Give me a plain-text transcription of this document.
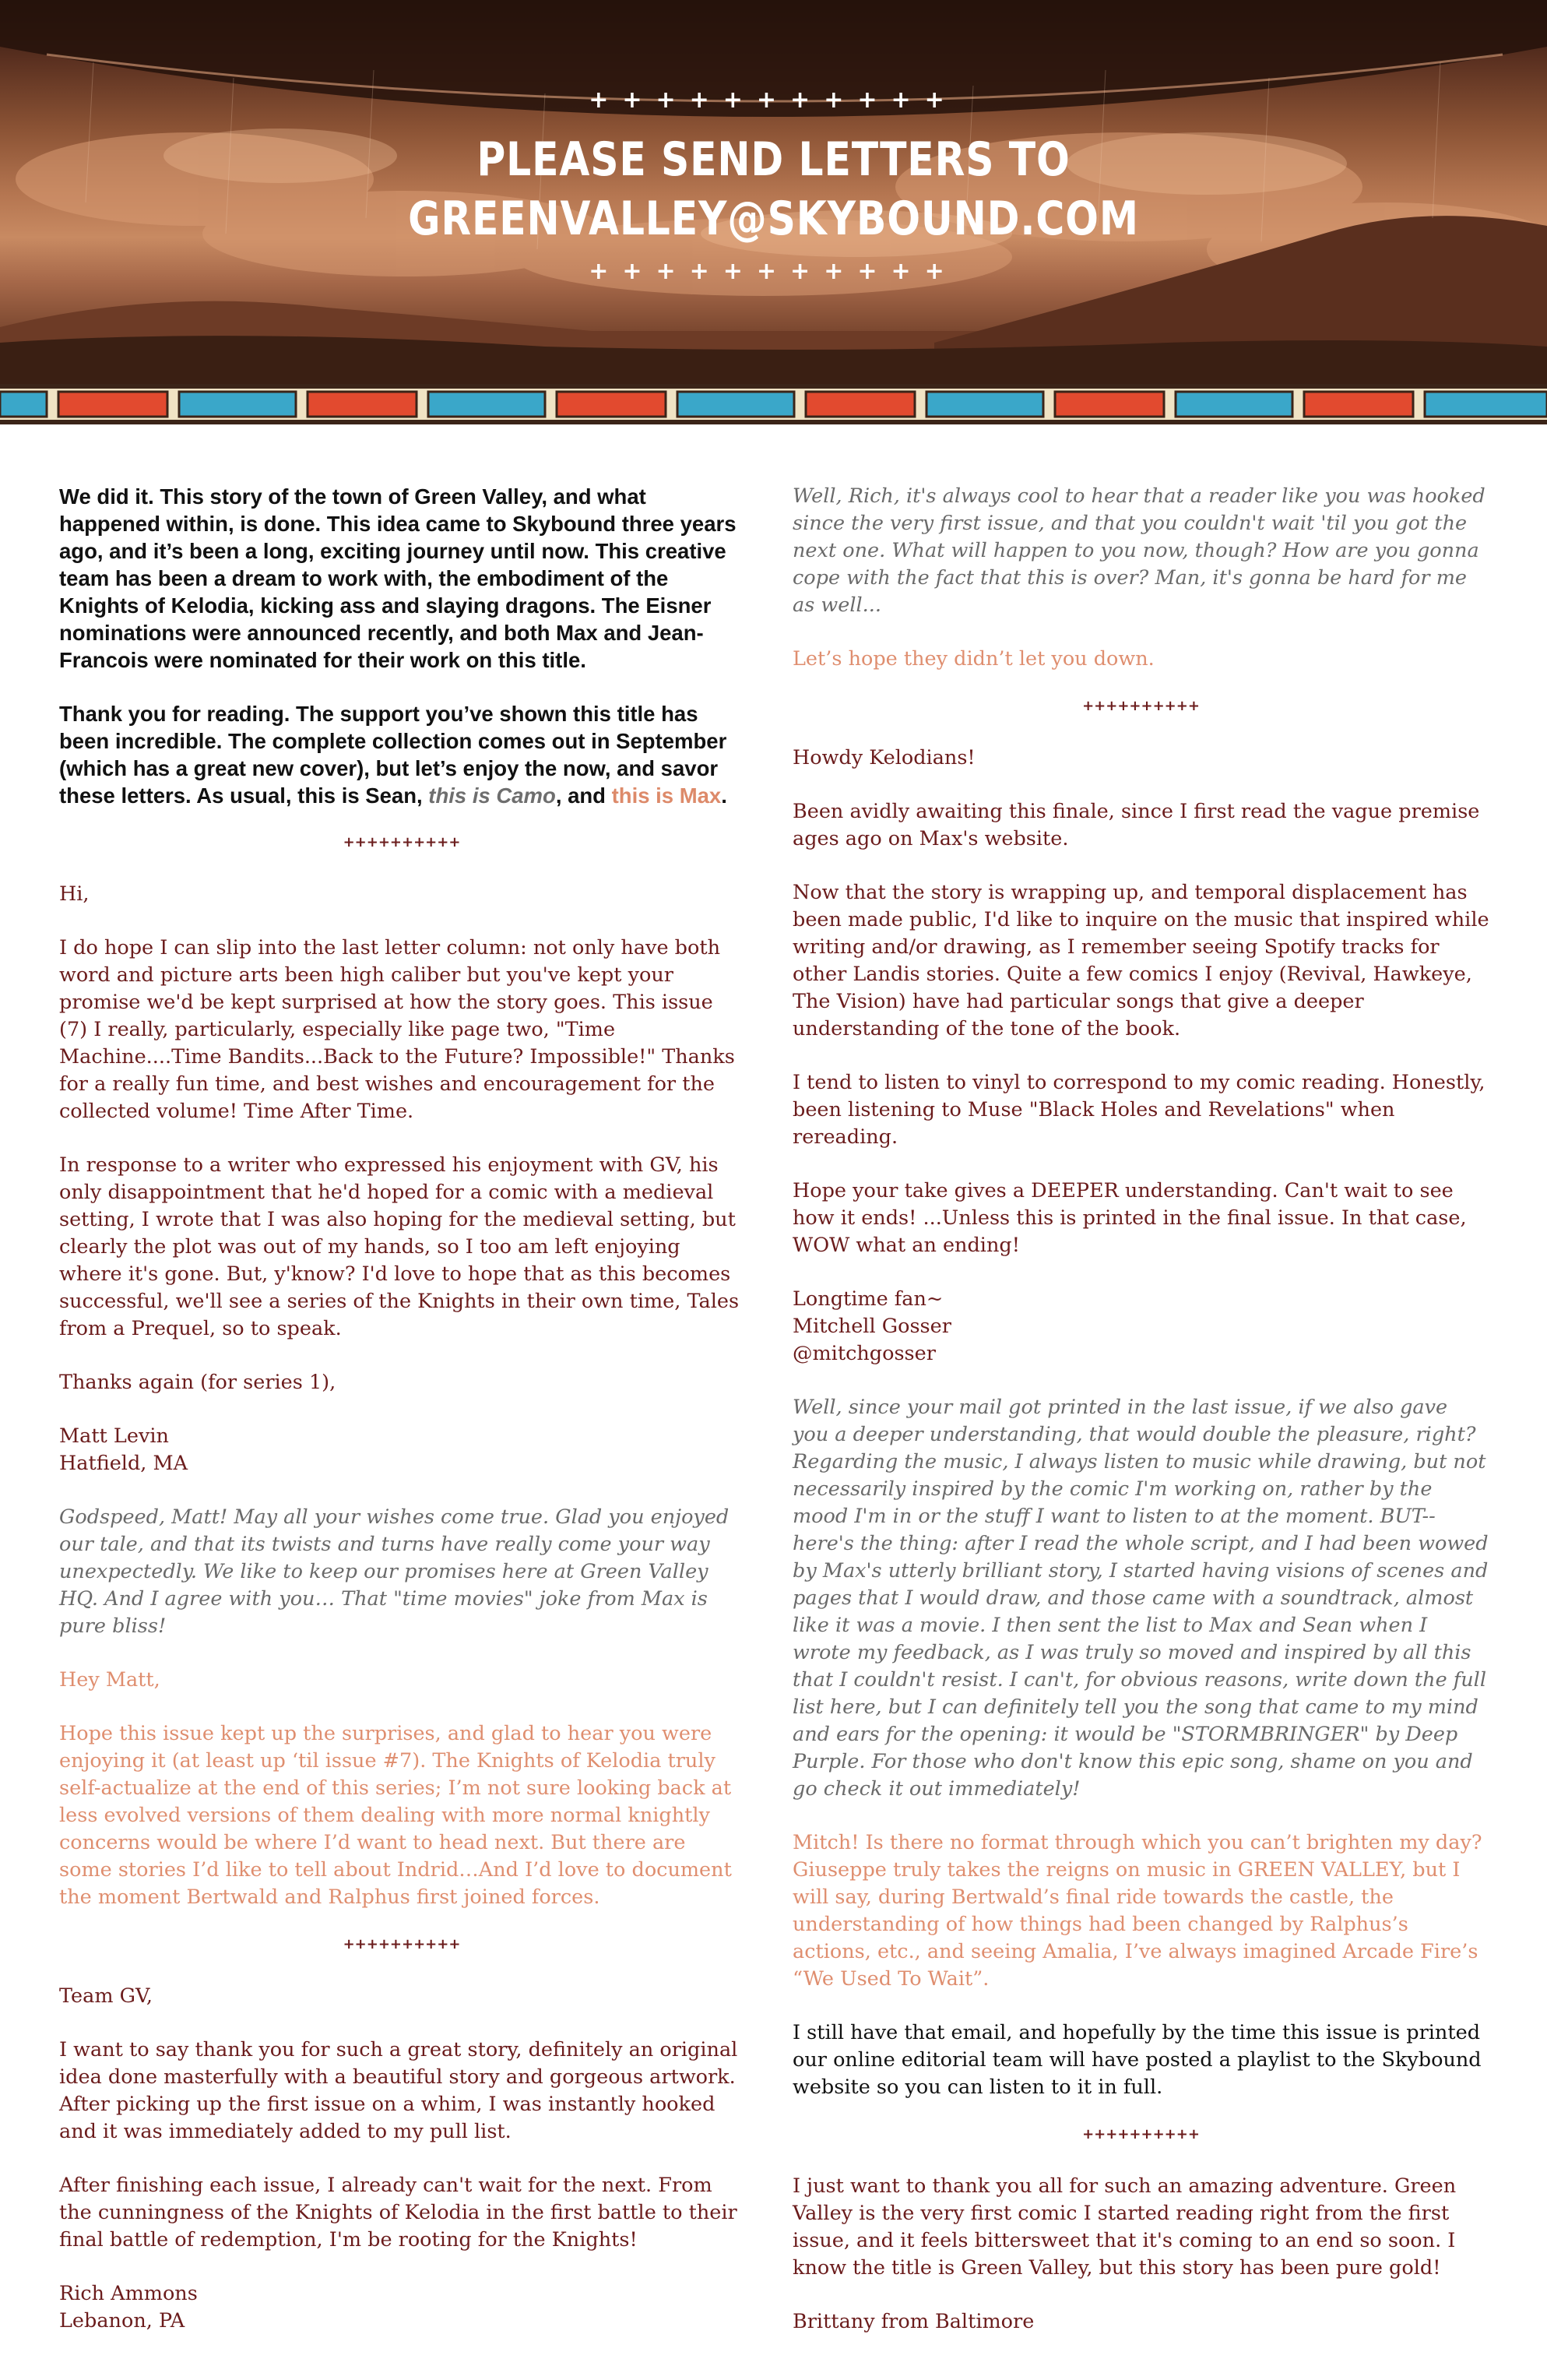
+++++++++++
PLEASE SEND LETTERS TO
GREENVALLEY@SKYBOUND.COM
+++++++++++

We did it. This story of the town of Green Valley, and what happened within, is done. This idea came to Skybound three years ago, and it’s been a long, exciting journey until now. This creative team has been a dream to work with, the embodiment of the Knights of Kelodia, kicking ass and slaying dragons. The Eisner nominations were announced recently, and both Max and Jean-Francois were nominated for their work on this title.

Thank you for reading. The support you’ve shown this title has been incredible. The complete collection comes out in September (which has a great new cover), but let’s enjoy the now, and savor these letters. As usual, this is Sean, this is Camo, and this is Max.

++++++++++

Hi,

I do hope I can slip into the last letter column: not only have both word and picture arts been high caliber but you've kept your promise we'd be kept surprised at how the story goes. This issue (7) I really, particularly, especially like page two, "Time Machine....Time Bandits...Back to the Future? Impossible!" Thanks for a really fun time, and best wishes and encouragement for the collected volume! Time After Time.

In response to a writer who expressed his enjoyment with GV, his only disappointment that he'd hoped for a comic with a medieval setting, I wrote that I was also hoping for the medieval setting, but clearly the plot was out of my hands, so I too am left enjoying where it's gone. But, y'know? I'd love to hope that as this becomes successful, we'll see a series of the Knights in their own time, Tales from a Prequel, so to speak.

Thanks again (for series 1),

Matt Levin
Hatfield, MA

Godspeed, Matt! May all your wishes come true. Glad you enjoyed our tale, and that its twists and turns have really come your way unexpectedly. We like to keep our promises here at Green Valley HQ. And I agree with you… That "time movies" joke from Max is pure bliss!

Hey Matt,

Hope this issue kept up the surprises, and glad to hear you were enjoying it (at least up ‘til issue #7). The Knights of Kelodia truly self-actualize at the end of this series; I’m not sure looking back at less evolved versions of them dealing with more normal knightly concerns would be where I’d want to head next. But there are some stories I’d like to tell about Indrid…And I’d love to document the moment Bertwald and Ralphus first joined forces.

++++++++++

Team GV,

I want to say thank you for such a great story, definitely an original idea done masterfully with a beautiful story and gorgeous artwork. After picking up the first issue on a whim, I was instantly hooked and it was immediately added to my pull list.

After finishing each issue, I already can't wait for the next. From the cunningness of the Knights of Kelodia in the first battle to their final battle of redemption, I'm be rooting for the Knights!

Rich Ammons
Lebanon, PA

Well, Rich, it's always cool to hear that a reader like you was hooked since the very first issue, and that you couldn't wait 'til you got the next one. What will happen to you now, though? How are you gonna cope with the fact that this is over? Man, it's gonna be hard for me as well...

Let’s hope they didn’t let you down.

++++++++++

Howdy Kelodians!

Been avidly awaiting this finale, since I first read the vague premise ages ago on Max's website.

Now that the story is wrapping up, and temporal displacement has been made public, I'd like to inquire on the music that inspired while writing and/or drawing, as I remember seeing Spotify tracks for other Landis stories. Quite a few comics I enjoy (Revival, Hawkeye, The Vision) have had particular songs that give a deeper understanding of the tone of the book.

I tend to listen to vinyl to correspond to my comic reading. Honestly, been listening to Muse "Black Holes and Revelations" when rereading.

Hope your take gives a DEEPER understanding. Can't wait to see how it ends! ...Unless this is printed in the final issue. In that case, WOW what an ending!

Longtime fan~
Mitchell Gosser
@mitchgosser

Well, since your mail got printed in the last issue, if we also gave you a deeper understanding, that would double the pleasure, right? Regarding the music, I always listen to music while drawing, but not necessarily inspired by the comic I'm working on, rather by the mood I'm in or the stuff I want to listen to at the moment. BUT--here's the thing: after I read the whole script, and I had been wowed by Max's utterly brilliant story, I started having visions of scenes and pages that I would draw, and those came with a soundtrack, almost like it was a movie. I then sent the list to Max and Sean when I wrote my feedback, as I was truly so moved and inspired by all this that I couldn't resist. I can't, for obvious reasons, write down the full list here, but I can definitely tell you the song that came to my mind and ears for the opening: it would be "STORMBRINGER" by Deep Purple. For those who don't know this epic song, shame on you and go check it out immediately!

Mitch! Is there no format through which you can’t brighten my day? Giuseppe truly takes the reigns on music in GREEN VALLEY, but I will say, during Bertwald’s final ride towards the castle, the understanding of how things had been changed by Ralphus’s actions, etc., and seeing Amalia, I’ve always imagined Arcade Fire’s “We Used To Wait”.

I still have that email, and hopefully by the time this issue is printed our online editorial team will have posted a playlist to the Skybound website so you can listen to it in full.

++++++++++

I just want to thank you all for such an amazing adventure. Green Valley is the very first comic I started reading right from the first issue, and it feels bittersweet that it's coming to an end so soon. I know the title is Green Valley, but this story has been pure gold!

Brittany from Baltimore
